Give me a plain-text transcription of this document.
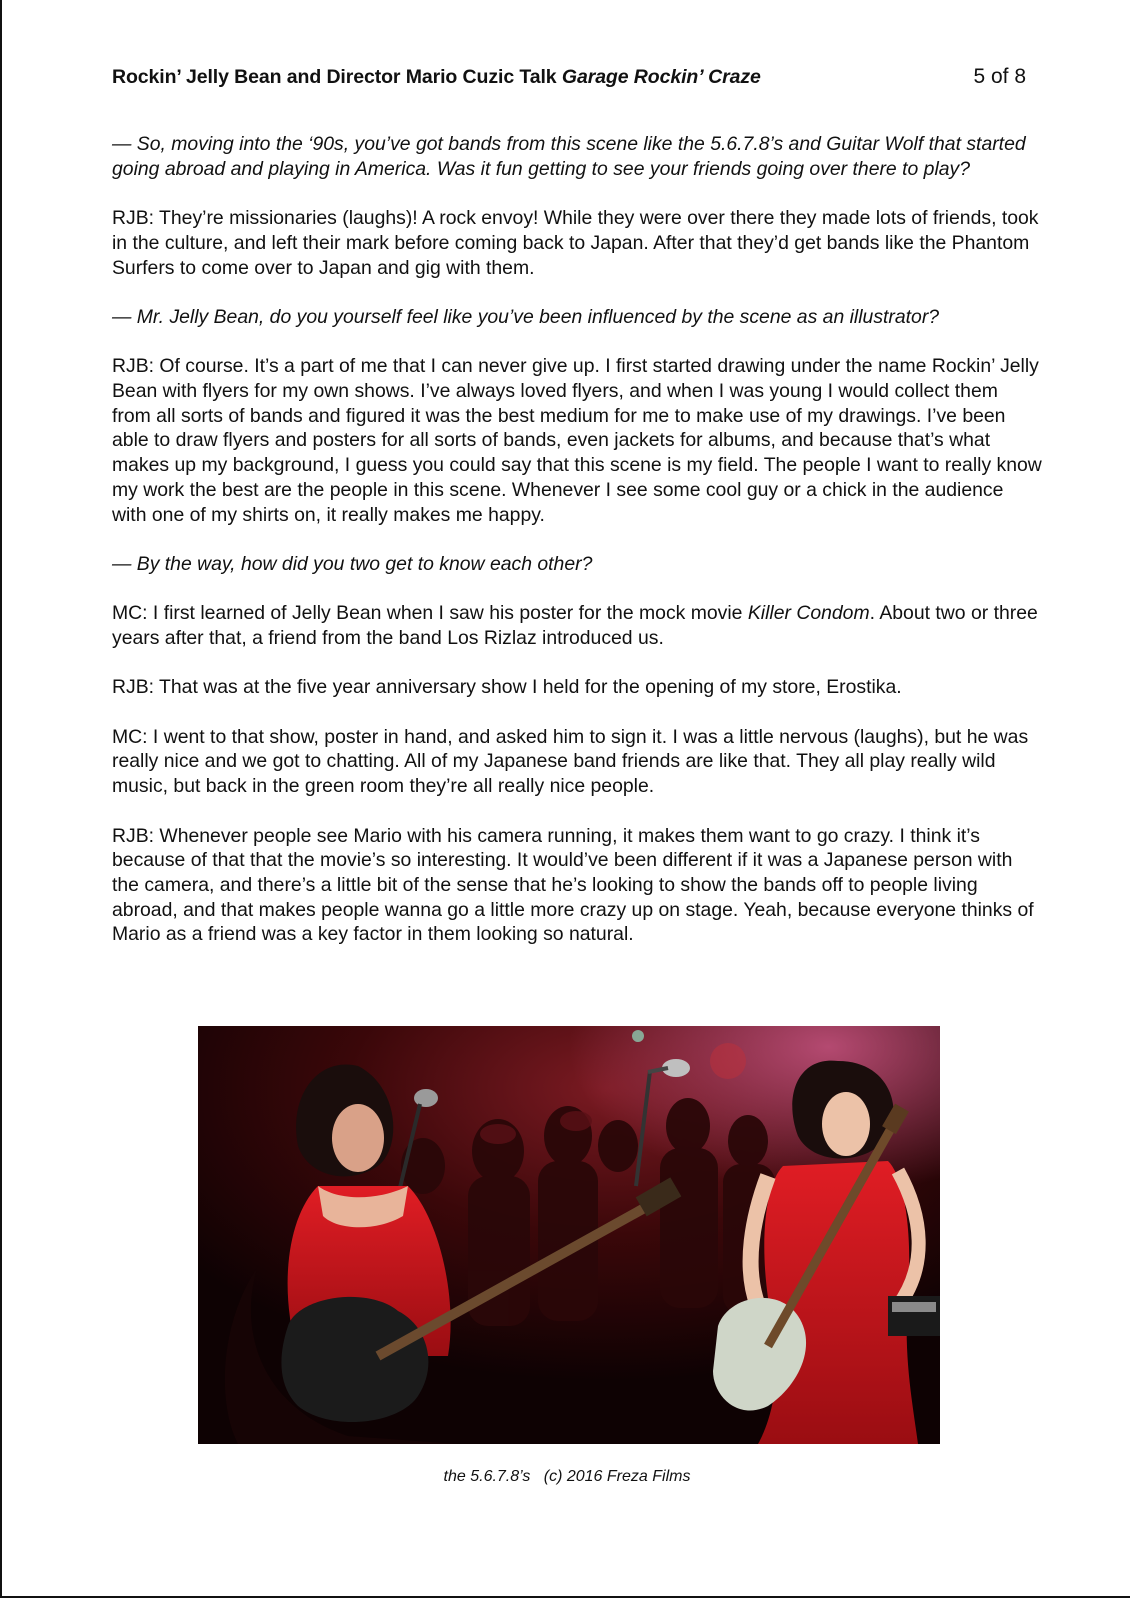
Rockin’ Jelly Bean and Director Mario Cuzic Talk Garage Rockin’ Craze	5 of 8

— So, moving into the ‘90s, you’ve got bands from this scene like the 5.6.7.8’s and Guitar Wolf that started going abroad and playing in America. Was it fun getting to see your friends going over there to play?

RJB: They’re missionaries (laughs)! A rock envoy! While they were over there they made lots of friends, took in the culture, and left their mark before coming back to Japan. After that they’d get bands like the Phantom Surfers to come over to Japan and gig with them.

— Mr. Jelly Bean, do you yourself feel like you’ve been influenced by the scene as an illustrator?

RJB: Of course. It’s a part of me that I can never give up. I first started drawing under the name Rockin’ Jelly Bean with flyers for my own shows. I’ve always loved flyers, and when I was young I would collect them from all sorts of bands and figured it was the best medium for me to make use of my drawings. I’ve been able to draw flyers and posters for all sorts of bands, even jackets for albums, and because that’s what makes up my background, I guess you could say that this scene is my field. The people I want to really know my work the best are the people in this scene. Whenever I see some cool guy or a chick in the audience with one of my shirts on, it really makes me happy.

— By the way, how did you two get to know each other?

MC: I first learned of Jelly Bean when I saw his poster for the mock movie Killer Condom. About two or three years after that, a friend from the band Los Rizlaz introduced us.

RJB: That was at the five year anniversary show I held for the opening of my store, Erostika.

MC: I went to that show, poster in hand, and asked him to sign it. I was a little nervous (laughs), but he was really nice and we got to chatting. All of my Japanese band friends are like that. They all play really wild music, but back in the green room they’re all really nice people.

RJB: Whenever people see Mario with his camera running, it makes them want to go crazy. I think it’s because of that that the movie’s so interesting. It would’ve been different if it was a Japanese person with the camera, and there’s a little bit of the sense that he’s looking to show the bands off to people living abroad, and that makes people wanna go a little more crazy up on stage. Yeah, because everyone thinks of Mario as a friend was a key factor in them looking so natural.

the 5.6.7.8’s   (c) 2016 Freza Films
